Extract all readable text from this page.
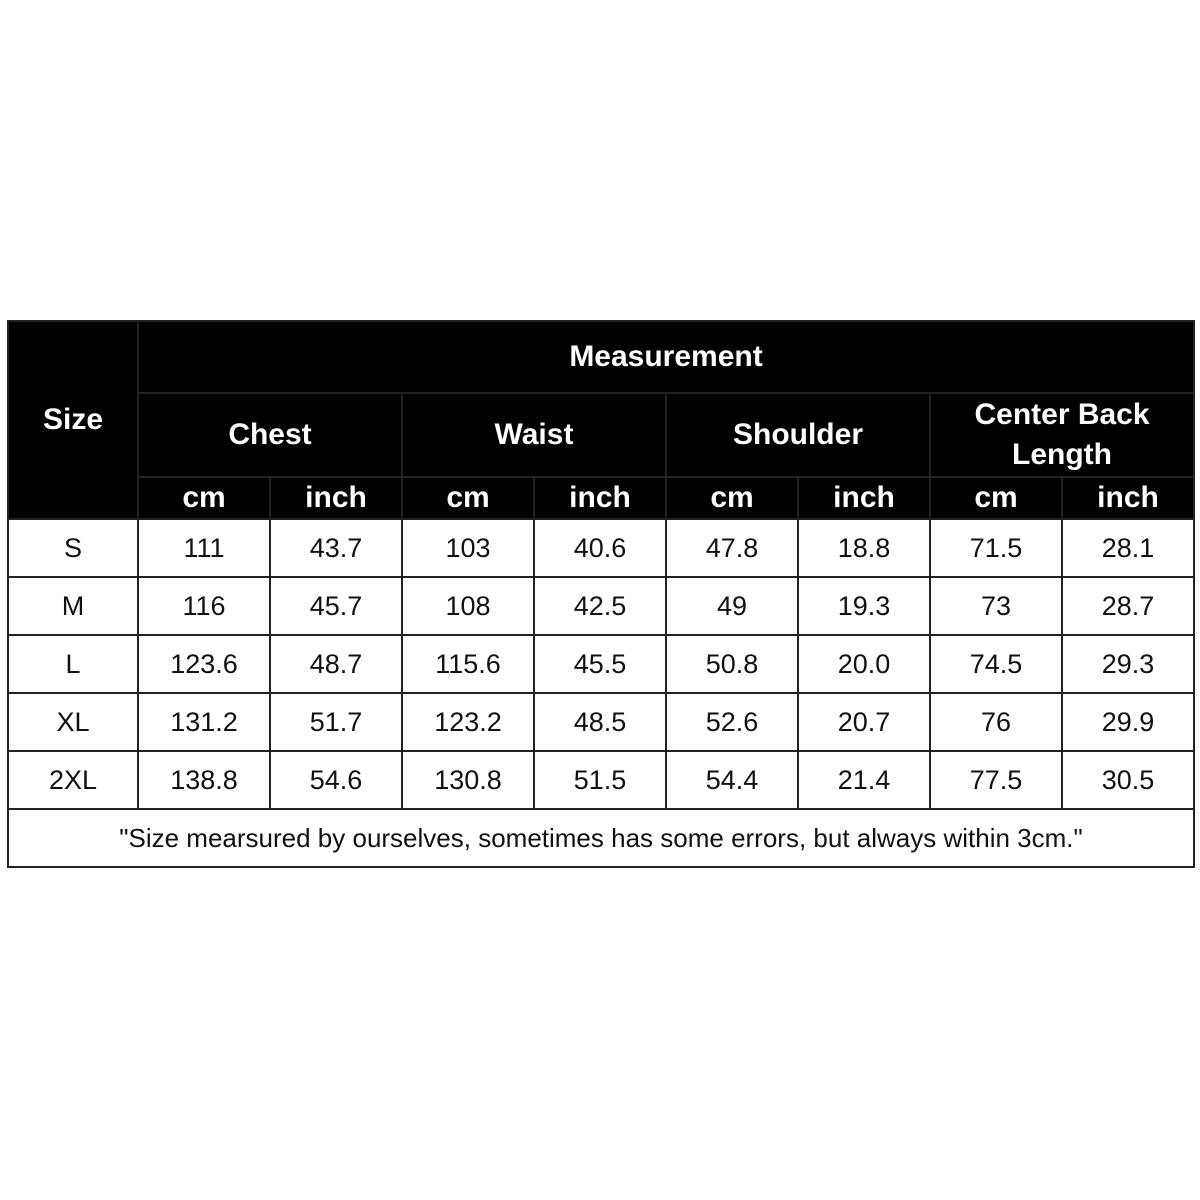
Size	Measurement							
	Chest		Waist		Shoulder		Center Back Length	
	cm	inch	cm	inch	cm	inch	cm	inch
S	111	43.7	103	40.6	47.8	18.8	71.5	28.1
M	116	45.7	108	42.5	49	19.3	73	28.7
L	123.6	48.7	115.6	45.5	50.8	20.0	74.5	29.3
XL	131.2	51.7	123.2	48.5	52.6	20.7	76	29.9
2XL	138.8	54.6	130.8	51.5	54.4	21.4	77.5	30.5
"Size mearsured by ourselves, sometimes has some errors, but always within 3cm."								
